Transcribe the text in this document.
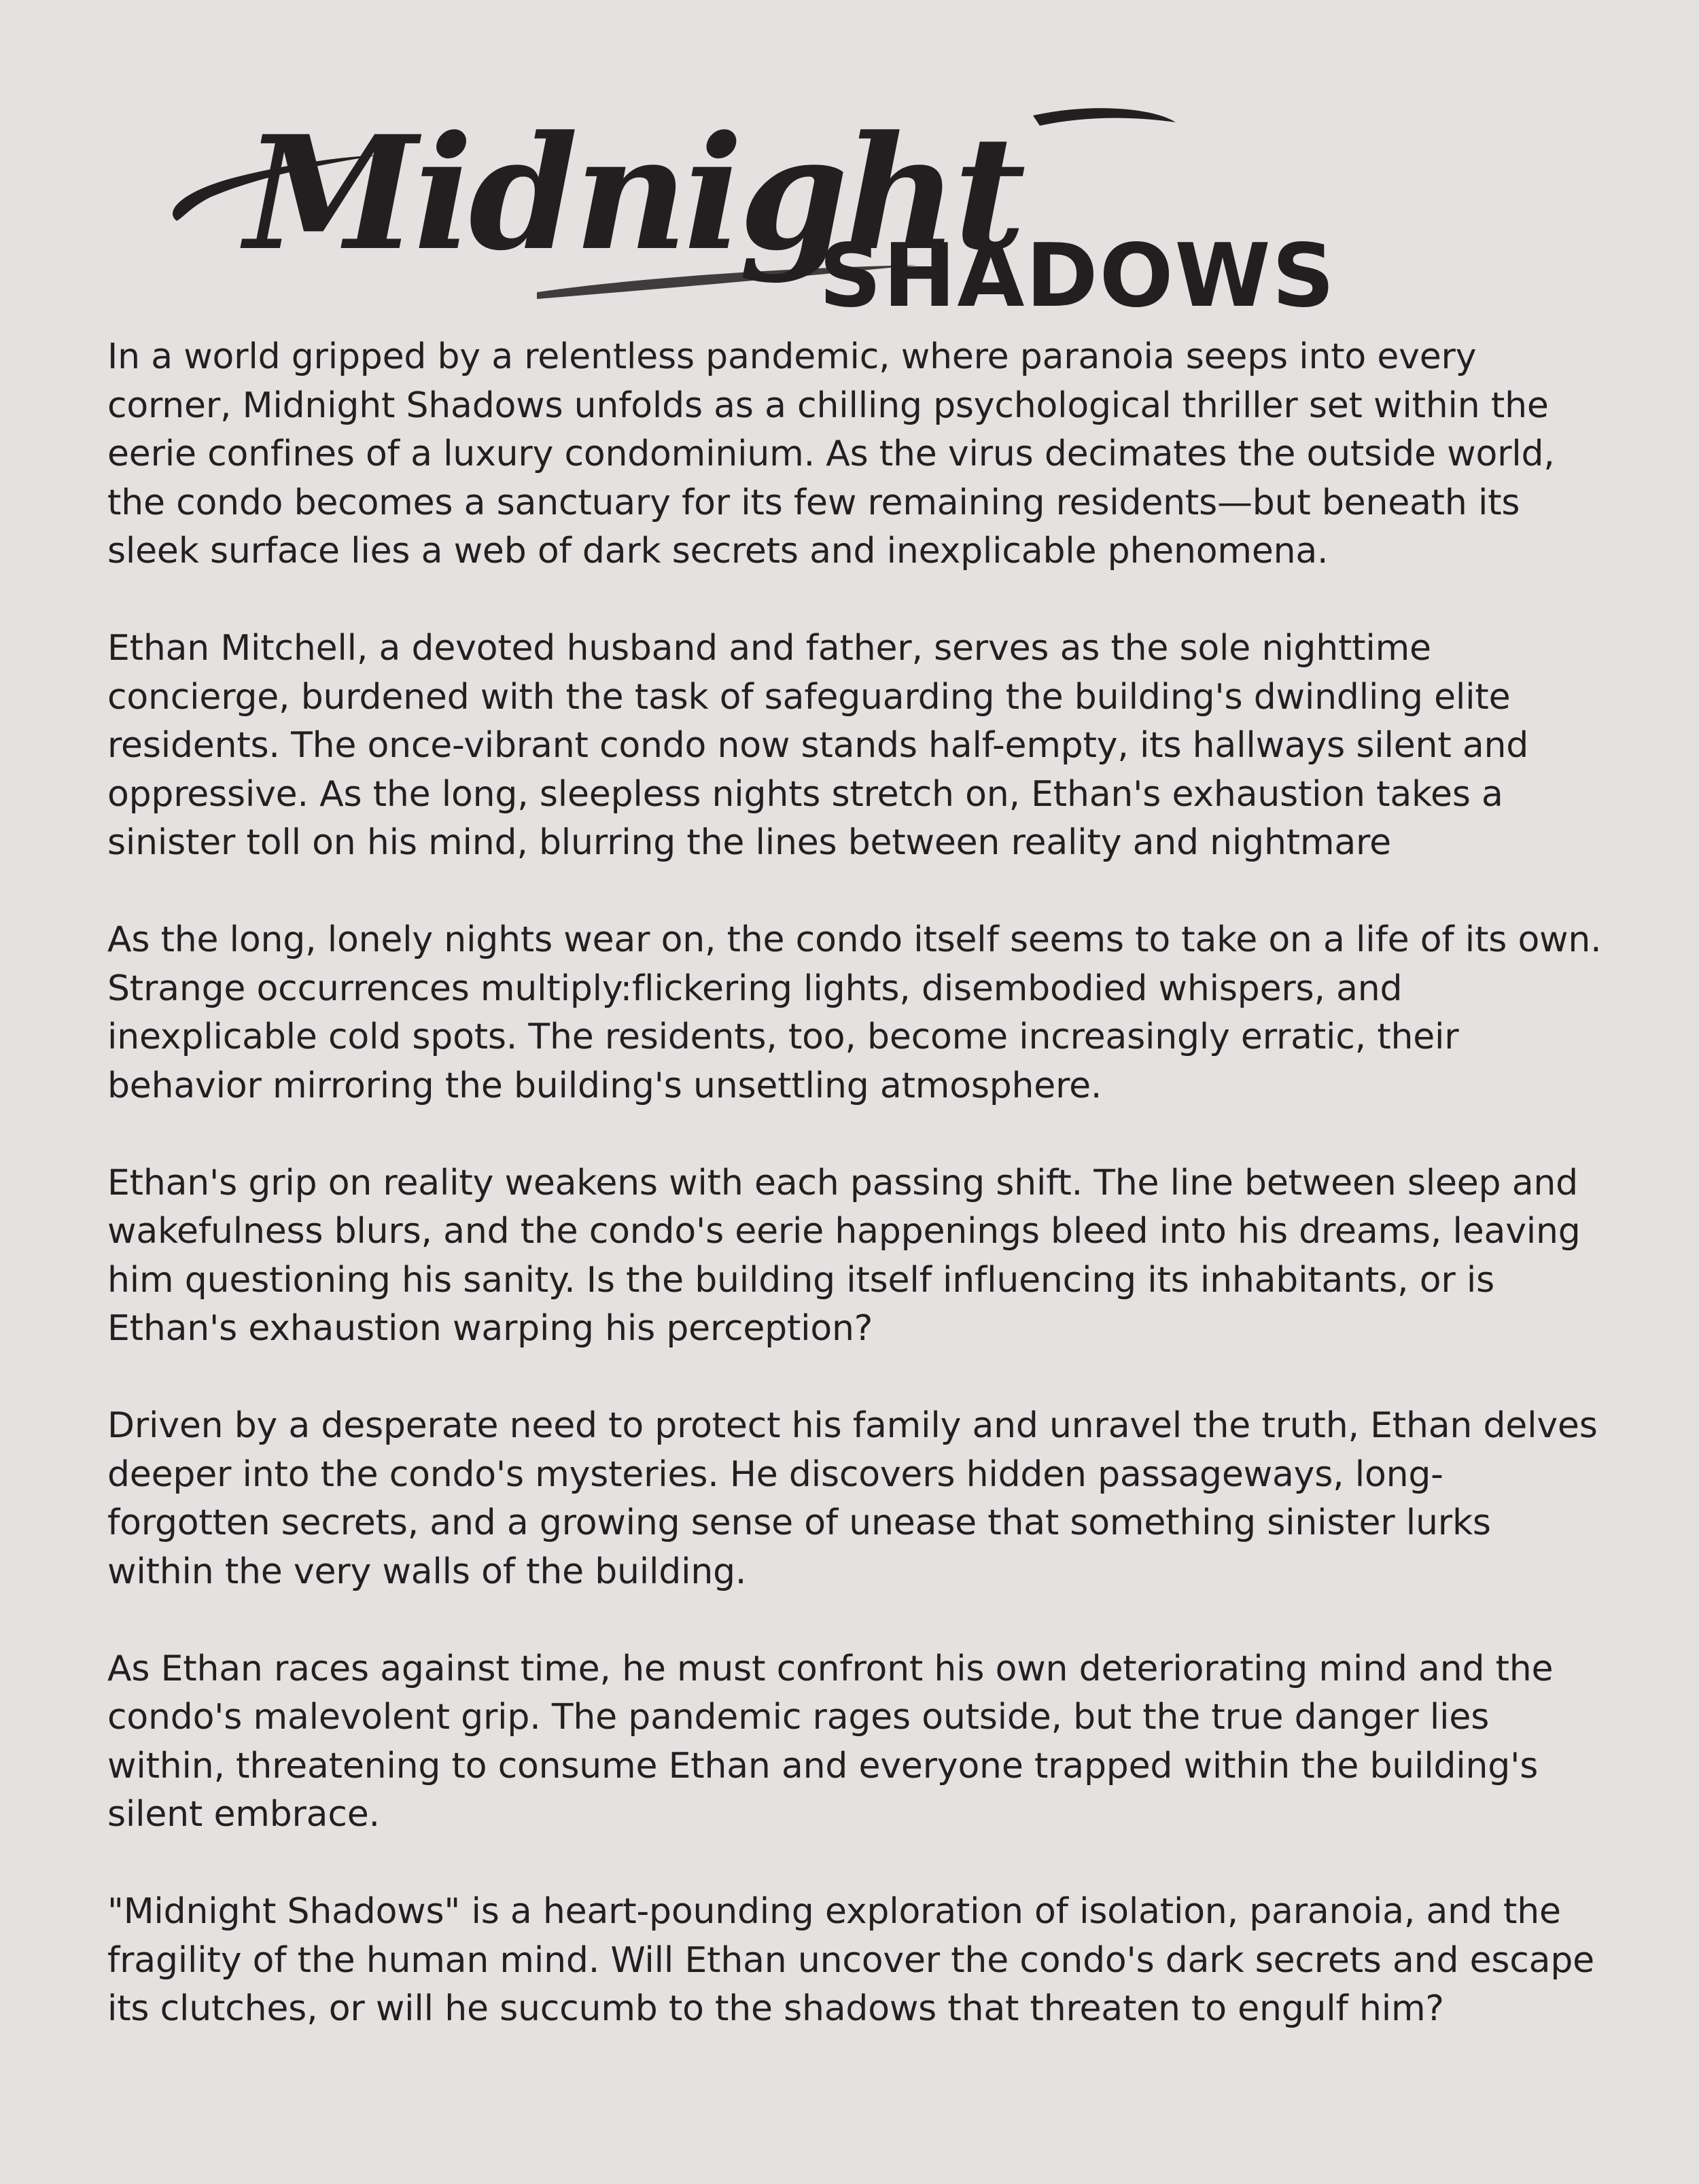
Midnight
SHADOWS

In a world gripped by a relentless pandemic, where paranoia seeps into every corner, Midnight Shadows unfolds as a chilling psychological thriller set within the eerie confines of a luxury condominium. As the virus decimates the outside world, the condo becomes a sanctuary for its few remaining residents—but beneath its sleek surface lies a web of dark secrets and inexplicable phenomena.

Ethan Mitchell, a devoted husband and father, serves as the sole nighttime concierge, burdened with the task of safeguarding the building's dwindling elite residents. The once-vibrant condo now stands half-empty, its hallways silent and oppressive. As the long, sleepless nights stretch on, Ethan's exhaustion takes a sinister toll on his mind, blurring the lines between reality and nightmare

As the long, lonely nights wear on, the condo itself seems to take on a life of its own. Strange occurrences multiply:flickering lights, disembodied whispers, and inexplicable cold spots. The residents, too, become increasingly erratic, their behavior mirroring the building's unsettling atmosphere.

Ethan's grip on reality weakens with each passing shift. The line between sleep and wakefulness blurs, and the condo's eerie happenings bleed into his dreams, leaving him questioning his sanity. Is the building itself influencing its inhabitants, or is Ethan's exhaustion warping his perception?

Driven by a desperate need to protect his family and unravel the truth, Ethan delves deeper into the condo's mysteries. He discovers hidden passageways, long-forgotten secrets, and a growing sense of unease that something sinister lurks within the very walls of the building.

As Ethan races against time, he must confront his own deteriorating mind and the condo's malevolent grip. The pandemic rages outside, but the true danger lies within, threatening to consume Ethan and everyone trapped within the building's silent embrace.

"Midnight Shadows" is a heart-pounding exploration of isolation, paranoia, and the fragility of the human mind. Will Ethan uncover the condo's dark secrets and escape its clutches, or will he succumb to the shadows that threaten to engulf him?
